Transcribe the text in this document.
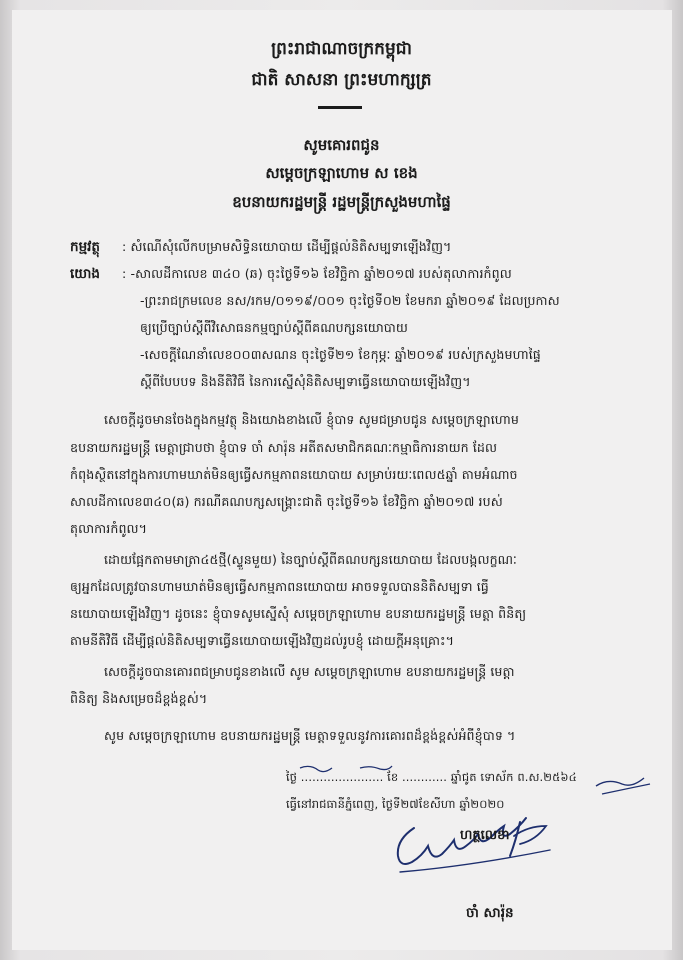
ព្រះរាជាណាចក្រកម្ពុជា
ជាតិ សាសនា ព្រះមហាក្សត្រ
សូមគោរពជូន
សម្តេចក្រឡាហោម ស ខេង
ឧបនាយករដ្ឋមន្ត្រី រដ្ឋមន្ត្រីក្រសួងមហាផ្ទៃ
កម្មវត្ថុ : សំណើសុំលើកបម្រាមសិទ្ធិនយោបាយ ដើម្បីផ្តល់និតិសម្បទាឡើងវិញ។
យោង : -សាលដីកាលេខ ៣៤០ (ឆ) ចុះថ្ងៃទី១៦ ខែវិច្ឆិកា ឆ្នាំ២០១៧ របស់តុលាការកំពូល
-ព្រះរាជក្រមលេខ នស/រកម/០១១៩/០០១ ចុះថ្ងៃទី០២ ខែមករា ឆ្នាំ២០១៩ ដែលប្រកាស
ឲ្យប្រើច្បាប់ស្តីពីវិសោធនកម្មច្បាប់ស្តីពីគណបក្សនយោបាយ
-សេចក្តីណែនាំលេខ០០៣សណន ចុះថ្ងៃទី២១ ខែកុម្ភៈ ឆ្នាំ២០១៩ របស់ក្រសួងមហាផ្ទៃ
ស្តីពីបែបបទ និងនីតិវិធី នៃការស្នើសុំនិតិសម្បទាធ្វើនយោបាយឡើងវិញ។
សេចក្តីដូចមានចែងក្នុងកម្មវត្ថុ និងយោងខាងលើ ខ្ញុំបាទ សូមជម្រាបជូន សម្តេចក្រឡាហោម
ឧបនាយករដ្ឋមន្ត្រី មេត្តាជ្រាបថា ខ្ញុំបាទ ចាំ សារ៉ុន អតីតសមាជិកគណៈកម្មាធិការនាយក ដែល
កំពុងស្ថិតនៅក្នុងការហាមឃាត់មិនឲ្យធ្វើសកម្មភាពនយោបាយ សម្រាប់រយៈពេល៥ឆ្នាំ តាមអំណាច
សាលដីកាលេខ៣៤០(ឆ) ករណីគណបក្សសង្គ្រោះជាតិ ចុះថ្ងៃទី១៦ ខែវិច្ឆិកា ឆ្នាំ២០១៧ របស់
តុលាការកំពូល។
ដោយផ្អែកតាមមាត្រា៤៥ថ្មី(ស្ទួនមួយ) នៃច្បាប់ស្តីពីគណបក្សនយោបាយ ដែលបង្កលក្ខណៈ
ឲ្យអ្នកដែលត្រូវបានហាមឃាត់មិនឲ្យធ្វើសកម្មភាពនយោបាយ អាចទទួលបាននិតិសម្បទា ធ្វើ
នយោបាយឡើងវិញ។ ដូចនេះ ខ្ញុំបាទសូមស្នើសុំ សម្តេចក្រឡាហោម ឧបនាយករដ្ឋមន្ត្រី មេត្តា ពិនិត្យ
តាមនីតិវិធី ដើម្បីផ្តល់និតិសម្បទាធ្វើនយោបាយឡើងវិញដល់រូបខ្ញុំ ដោយក្តីអនុគ្រោះ។
សេចក្តីដូចបានគោរពជម្រាបជូនខាងលើ សូម សម្តេចក្រឡាហោម ឧបនាយករដ្ឋមន្ត្រី មេត្តា
ពិនិត្យ និងសម្រេចដ៏ខ្ពង់ខ្ពស់។
សូម សម្តេចក្រឡាហោម ឧបនាយករដ្ឋមន្ត្រី មេត្តាទទួលនូវការគោរពដ៏ខ្ពង់ខ្ពស់អំពីខ្ញុំបាទ ។
ថ្ងៃ ...................... ខែ ............ ឆ្នាំជូត ទោស័ក ព.ស.២៥៦៤
ធ្វើនៅរាជធានីភ្នំពេញ, ថ្ងៃទី២៧ខែសីហា ឆ្នាំ២០២០
ហត្ថលេខា
ចាំ សារ៉ុន
